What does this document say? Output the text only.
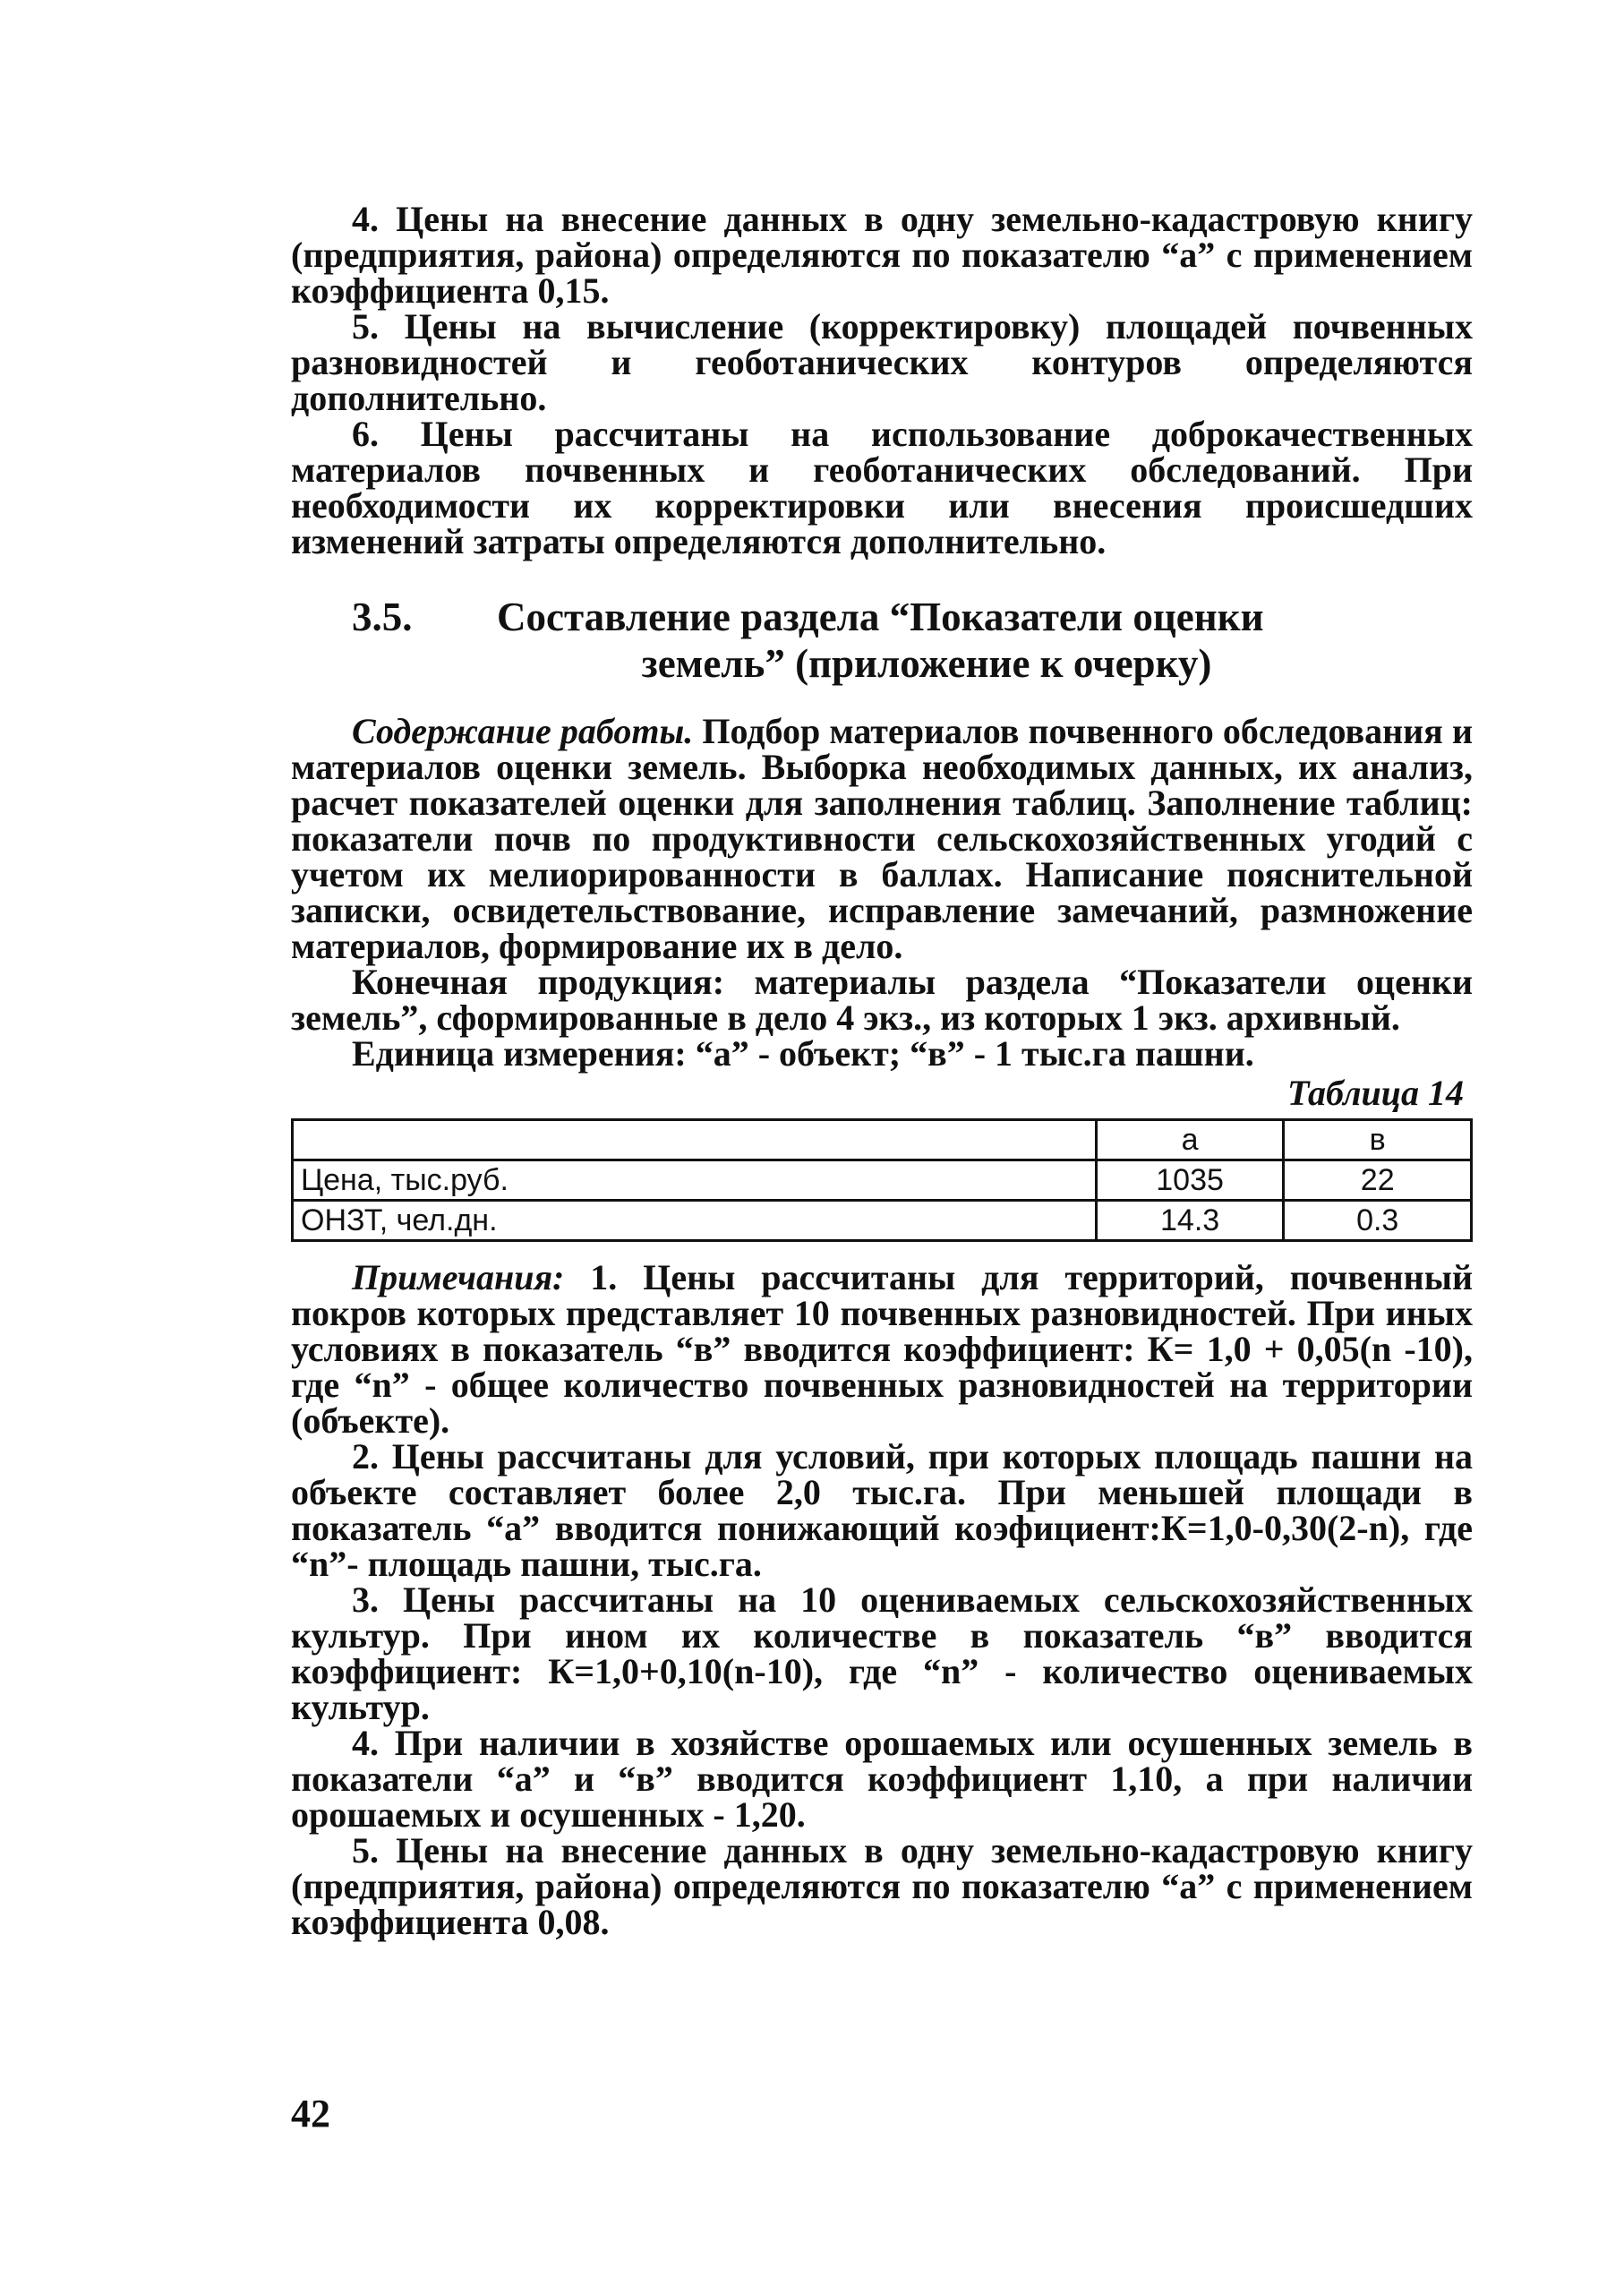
4. Цены на внесение данных в одну земельно-кадастровую книгу (предприятия, района) определяются по показателю “а” с применением коэффициента 0,15.

5. Цены на вычисление (корректировку) площадей почвенных разновидностей и геоботанических контуров определяются дополнительно.

6. Цены рассчитаны на использование доброкачественных материалов почвенных и геоботанических обследований. При необходимости их корректировки или внесения происшедших изменений затраты определяются дополнительно.

3.5. Составление раздела “Показатели оценки
земель” (приложение к очерку)

Содержание работы. Подбор материалов почвенного обследования и материалов оценки земель. Выборка необходимых данных, их анализ, расчет показателей оценки для заполнения таблиц. Заполнение таблиц: показатели почв по продуктивности сельскохозяйственных угодий с учетом их мелиорированности в баллах. Написание пояснительной записки, освидетельствование, исправление замечаний, размножение материалов, формирование их в дело.

Конечная продукция: материалы раздела “Показатели оценки земель”, сформированные в дело 4 экз., из которых 1 экз. архивный.

Единица измерения: “а” - объект; “в” - 1 тыс.га пашни.

Таблица 14
	а	в
Цена, тыс.руб.	1035	22
ОНЗТ, чел.дн.	14.3	0.3

Примечания: 1. Цены рассчитаны для территорий, почвенный покров которых представляет 10 почвенных разновидностей. При иных условиях в показатель “в” вводится коэффициент: К= 1,0 + 0,05(n -10), где “n” - общее количество почвенных разновидностей на территории (объекте).

2. Цены рассчитаны для условий, при которых площадь пашни на объекте составляет более 2,0 тыс.га. При меньшей площади в показатель “а” вводится понижающий коэфициент:К=1,0-0,30(2-n), где “n”- площадь пашни, тыс.га.

3. Цены рассчитаны на 10 оцениваемых сельскохозяйственных культур. При ином их количестве в показатель “в” вводится коэффициент: К=1,0+0,10(n-10), где “n” - количество оцениваемых культур.

4. При наличии в хозяйстве орошаемых или осушенных земель в показатели “а” и “в” вводится коэффициент 1,10, а при наличии орошаемых и осушенных - 1,20.

5. Цены на внесение данных в одну земельно-кадастровую книгу (предприятия, района) определяются по показателю “а” с применением коэффициента 0,08.

42
